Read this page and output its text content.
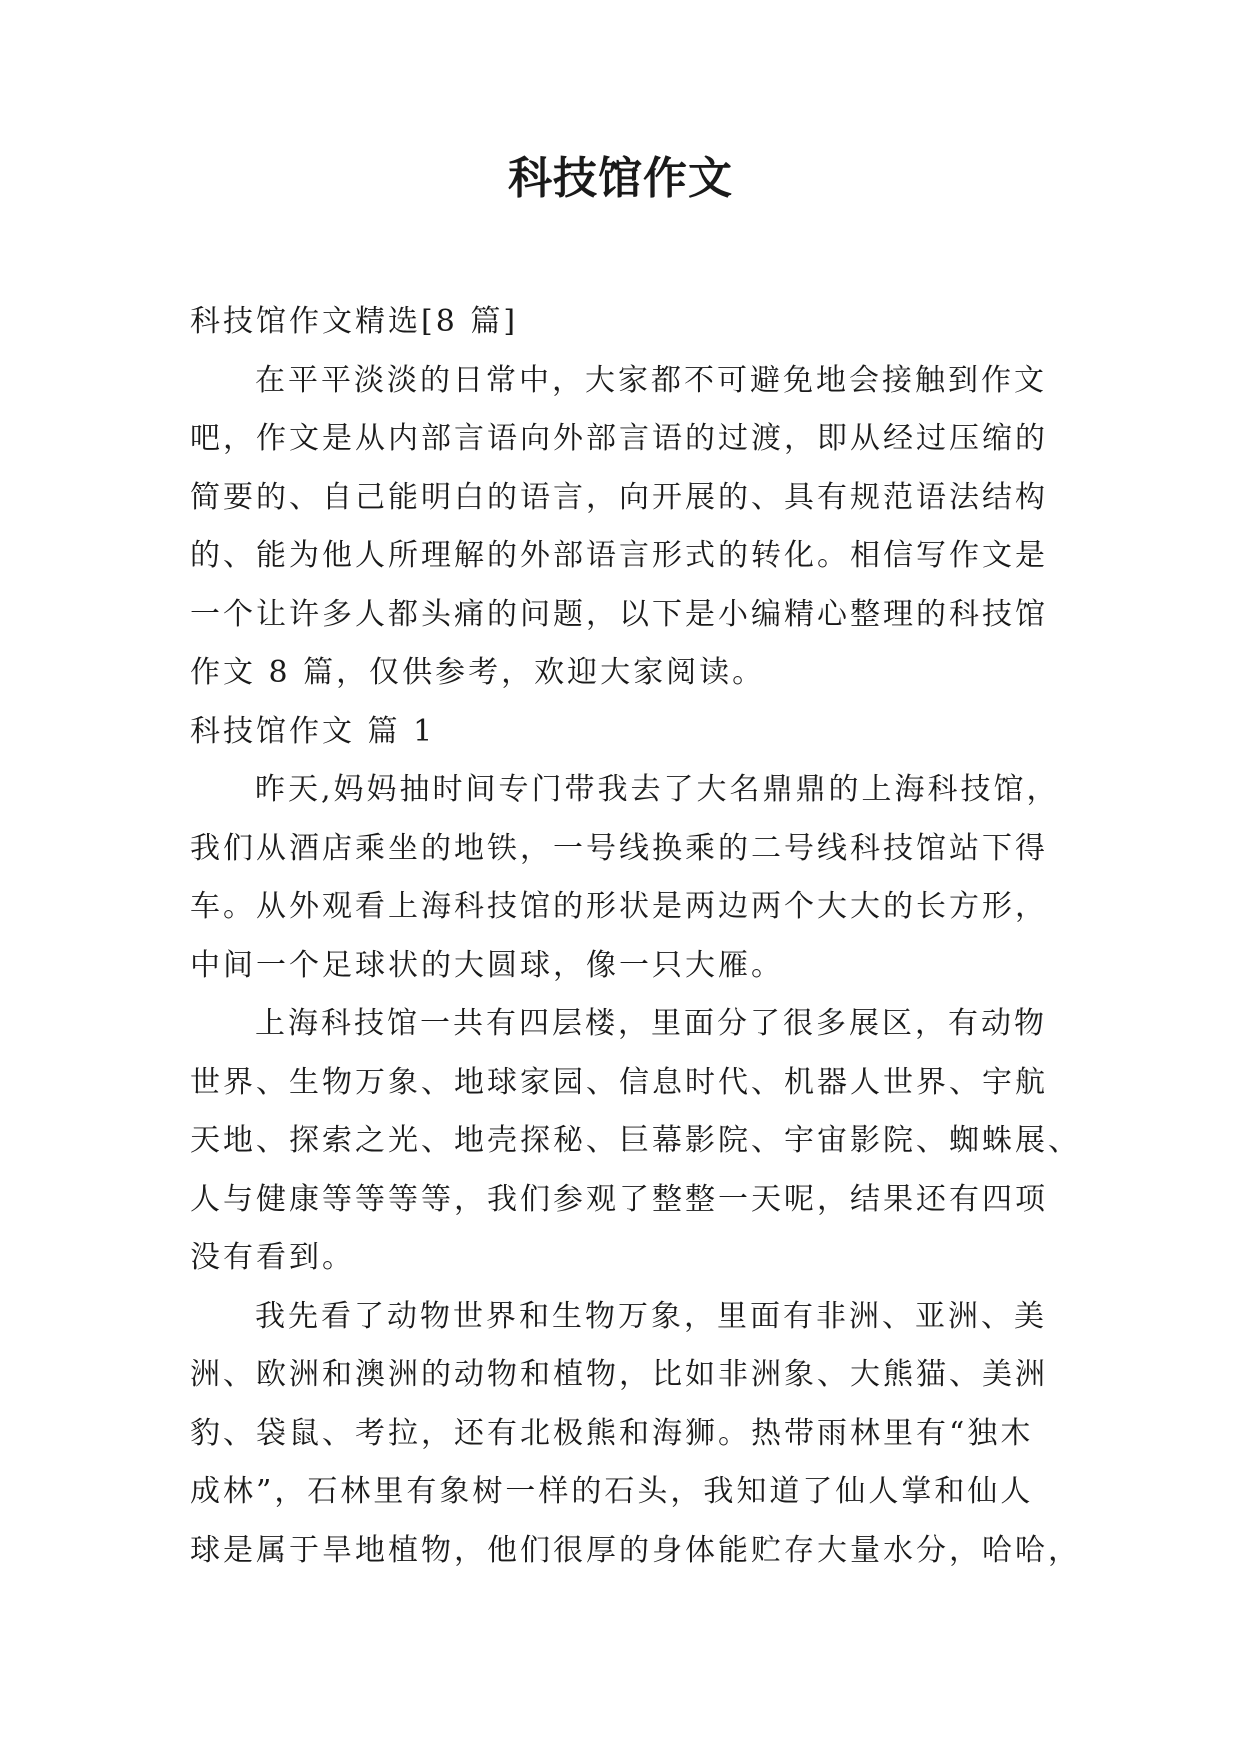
科技馆作文
科技馆作文精选[8 篇]
在平平淡淡的日常中，大家都不可避免地会接触到作文
吧，作文是从内部言语向外部言语的过渡，即从经过压缩的
简要的、自己能明白的语言，向开展的、具有规范语法结构
的、能为他人所理解的外部语言形式的转化。相信写作文是
一个让许多人都头痛的问题，以下是小编精心整理的科技馆
作文 8 篇，仅供参考，欢迎大家阅读。
科技馆作文 篇 1
昨天,妈妈抽时间专门带我去了大名鼎鼎的上海科技馆，
我们从酒店乘坐的地铁，一号线换乘的二号线科技馆站下得
车。从外观看上海科技馆的形状是两边两个大大的长方形，
中间一个足球状的大圆球，像一只大雁。
上海科技馆一共有四层楼，里面分了很多展区，有动物
世界、生物万象、地球家园、信息时代、机器人世界、宇航
天地、探索之光、地壳探秘、巨幕影院、宇宙影院、蜘蛛展、
人与健康等等等等，我们参观了整整一天呢，结果还有四项
没有看到。
我先看了动物世界和生物万象，里面有非洲、亚洲、美
洲、欧洲和澳洲的动物和植物，比如非洲象、大熊猫、美洲
豹、袋鼠、考拉，还有北极熊和海狮。热带雨林里有“独木
成林”，石林里有象树一样的石头，我知道了仙人掌和仙人
球是属于旱地植物，他们很厚的身体能贮存大量水分，哈哈，
